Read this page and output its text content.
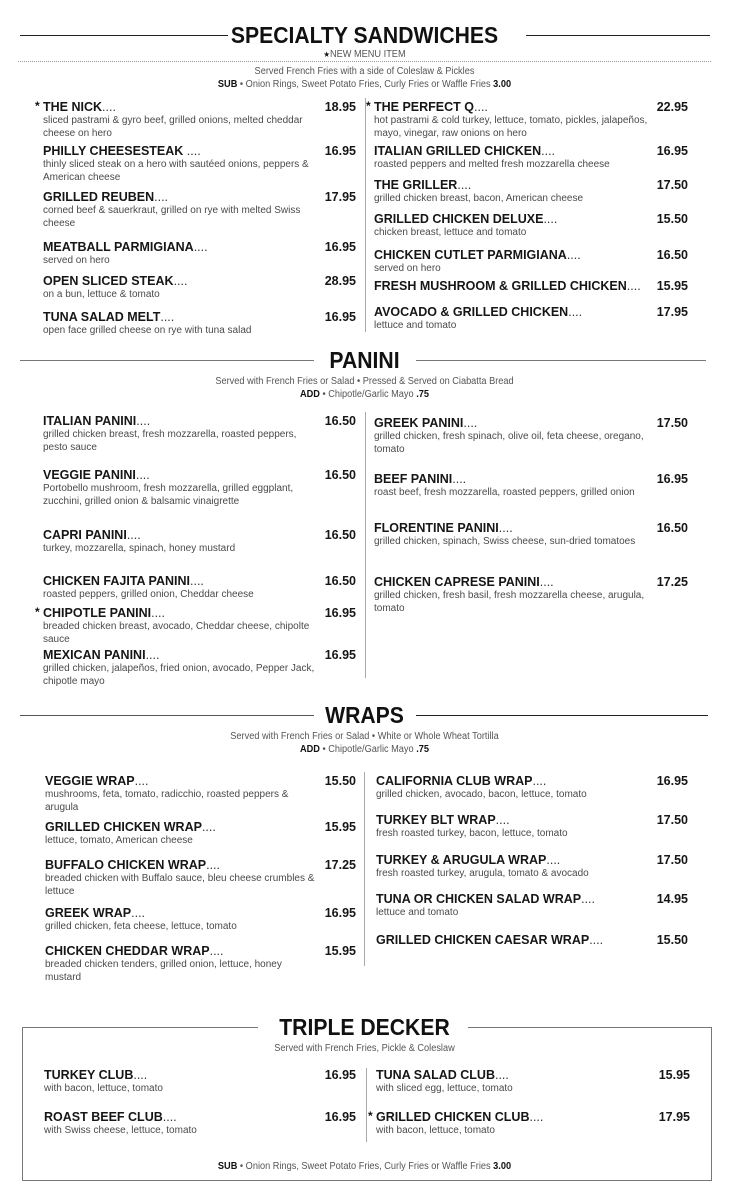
SPECIALTY SANDWICHES
★NEW MENU ITEM
Served French Fries with a side of Coleslaw & Pickles
SUB • Onion Rings, Sweet Potato Fries, Curly Fries or Waffle Fries 3.00
* THE NICK....	18.95
sliced pastrami & gyro beef, grilled onions, melted cheddar cheese on hero
PHILLY CHEESESTEAK ....	16.95
thinly sliced steak on a hero with sautéed onions, peppers & American cheese
GRILLED REUBEN....	17.95
corned beef & sauerkraut, grilled on rye with melted Swiss cheese
MEATBALL PARMIGIANA....	16.95
served on hero
OPEN SLICED STEAK....	28.95
on a bun, lettuce & tomato
TUNA SALAD MELT....	16.95
open face grilled cheese on rye with tuna salad
* THE PERFECT Q....	22.95
hot pastrami & cold turkey, lettuce, tomato, pickles, jalapeños, mayo, vinegar, raw onions on hero
ITALIAN GRILLED CHICKEN....	16.95
roasted peppers and melted fresh mozzarella cheese
THE GRILLER....	17.50
grilled chicken breast, bacon, American cheese
GRILLED CHICKEN DELUXE....	15.50
chicken breast, lettuce and tomato
CHICKEN CUTLET PARMIGIANA....	16.50
served on hero
FRESH MUSHROOM & GRILLED CHICKEN....	15.95
AVOCADO & GRILLED CHICKEN....	17.95
lettuce and tomato
PANINI
Served with French Fries or Salad • Pressed & Served on Ciabatta Bread
ADD • Chipotle/Garlic Mayo .75
ITALIAN PANINI....	16.50
grilled chicken breast, fresh mozzarella, roasted peppers, pesto sauce
VEGGIE PANINI....	16.50
Portobello mushroom, fresh mozzarella, grilled eggplant, zucchini, grilled onion & balsamic vinaigrette
CAPRI PANINI....	16.50
turkey, mozzarella, spinach, honey mustard
CHICKEN FAJITA PANINI....	16.50
roasted peppers, grilled onion, Cheddar cheese
* CHIPOTLE PANINI....	16.95
breaded chicken breast, avocado, Cheddar cheese, chipolte sauce
MEXICAN PANINI....	16.95
grilled chicken, jalapeños, fried onion, avocado, Pepper Jack, chipotle mayo
GREEK PANINI....	17.50
grilled chicken, fresh spinach, olive oil, feta cheese, oregano, tomato
BEEF PANINI....	16.95
roast beef, fresh mozzarella, roasted peppers, grilled onion
FLORENTINE PANINI....	16.50
grilled chicken, spinach, Swiss cheese, sun-dried tomatoes
CHICKEN CAPRESE PANINI....	17.25
grilled chicken, fresh basil, fresh mozzarella cheese, arugula, tomato
WRAPS
Served with French Fries or Salad • White or Whole Wheat Tortilla
ADD • Chipotle/Garlic Mayo .75
VEGGIE WRAP....	15.50
mushrooms, feta, tomato, radicchio, roasted peppers & arugula
GRILLED CHICKEN WRAP....	15.95
lettuce, tomato, American cheese
BUFFALO CHICKEN WRAP....	17.25
breaded chicken with Buffalo sauce, bleu cheese crumbles & lettuce
GREEK WRAP....	16.95
grilled chicken, feta cheese, lettuce, tomato
CHICKEN CHEDDAR WRAP....	15.95
breaded chicken tenders, grilled onion, lettuce, honey mustard
CALIFORNIA CLUB WRAP....	16.95
grilled chicken, avocado, bacon, lettuce, tomato
TURKEY BLT WRAP....	17.50
fresh roasted turkey, bacon, lettuce, tomato
TURKEY & ARUGULA WRAP....	17.50
fresh roasted turkey, arugula, tomato & avocado
TUNA OR CHICKEN SALAD WRAP....	14.95
lettuce and tomato
GRILLED CHICKEN CAESAR WRAP....	15.50
TRIPLE DECKER
Served with French Fries, Pickle & Coleslaw
TURKEY CLUB....	16.95
with bacon, lettuce, tomato
ROAST BEEF CLUB....	16.95
with Swiss cheese, lettuce, tomato
TUNA SALAD CLUB....	15.95
with sliced egg, lettuce, tomato
* GRILLED CHICKEN CLUB....	17.95
with bacon, lettuce, tomato
SUB • Onion Rings, Sweet Potato Fries, Curly Fries or Waffle Fries 3.00
